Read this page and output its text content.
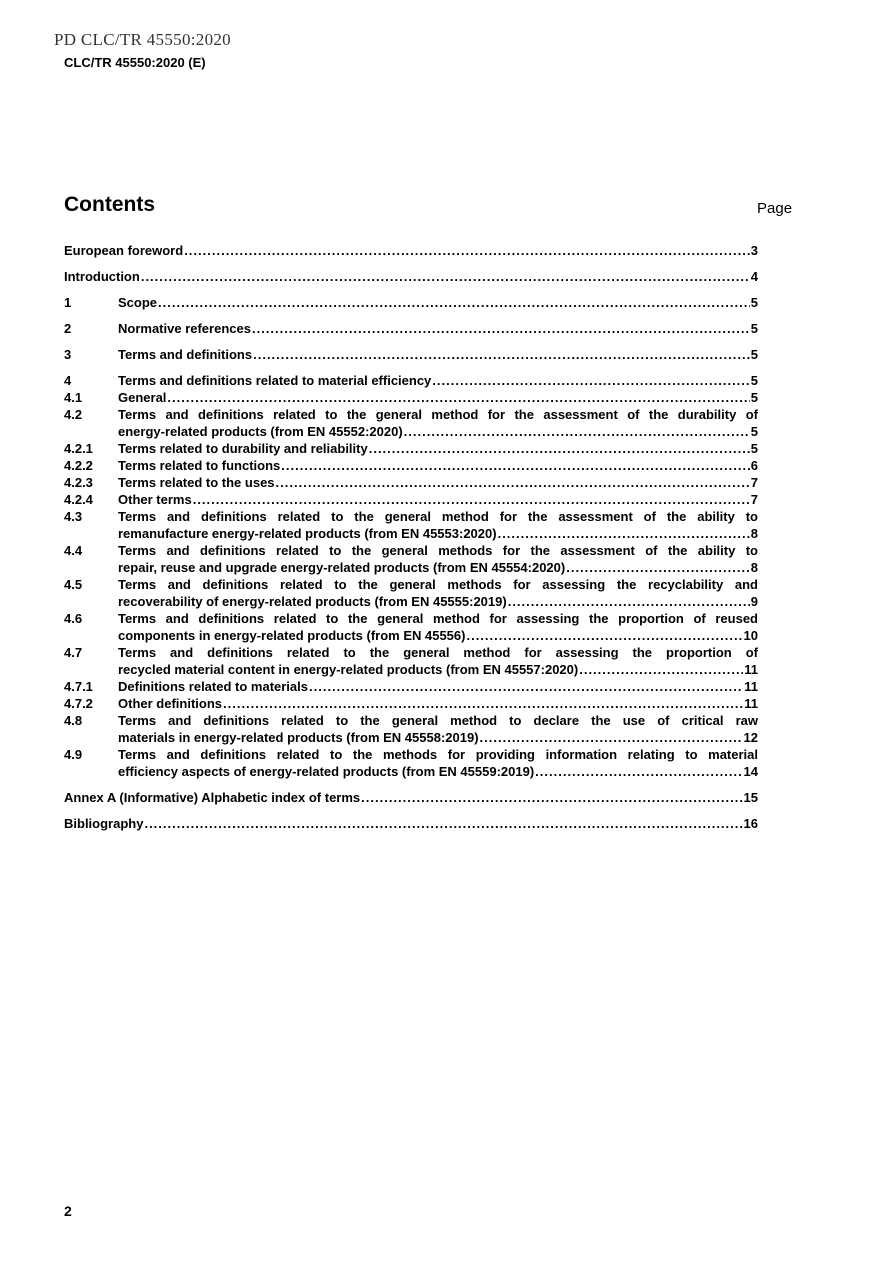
PD CLC/TR 45550:2020
CLC/TR 45550:2020 (E)
Contents	Page
European foreword .....	3
Introduction .....	4
1	Scope .....	5
2	Normative references .....	5
3	Terms and definitions .....	5
4	Terms and definitions related to material efficiency .....	5
4.1	General .....	5
4.2	Terms and definitions related to the general method for the assessment of the durability of
energy-related products (from EN 45552:2020) .....	5
4.2.1	Terms related to durability and reliability .....	5
4.2.2	Terms related to functions .....	6
4.2.3	Terms related to the uses .....	7
4.2.4	Other terms .....	7
4.3	Terms and definitions related to the general method for the assessment of the ability to
remanufacture energy-related products (from EN 45553:2020) .....	8
4.4	Terms and definitions related to the general methods for the assessment of the ability to
repair, reuse and upgrade energy-related products (from EN 45554:2020) .....	8
4.5	Terms and definitions related to the general methods for assessing the recyclability and
recoverability of energy-related products (from EN 45555:2019) .....	9
4.6	Terms and definitions related to the general method for assessing the proportion of reused
components in energy-related products (from EN 45556) .....	10
4.7	Terms and definitions related to the general method for assessing the proportion of
recycled material content in energy-related products (from EN 45557:2020) .....	11
4.7.1	Definitions related to materials .....	11
4.7.2	Other definitions .....	11
4.8	Terms and definitions related to the general method to declare the use of critical raw
materials in energy-related products (from EN 45558:2019) .....	12
4.9	Terms and definitions related to the methods for providing information relating to material
efficiency aspects of energy-related products (from EN 45559:2019) .....	14
Annex A (Informative) Alphabetic index of terms .....	15
Bibliography .....	16
2
